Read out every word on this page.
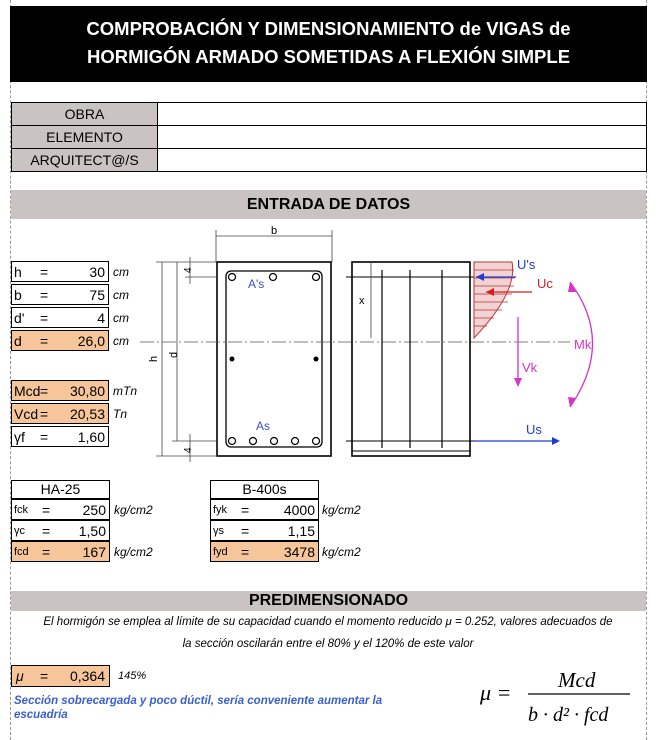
COMPROBACIÓN Y DIMENSIONAMIENTO de VIGAS de
HORMIGÓN ARMADO SOMETIDAS A FLEXIÓN SIMPLE
OBRA	
ELEMENTO	
ARQUITECT@/S	
ENTRADA DE DATOS
h	=	30 cm
b	=	75 cm
d'	=	4 cm
d	=	26,0 cm
Mcd =	30,80 mTn
Vcd =	20,53 Tn
γf	=	1,60
b
A's
As
h
d
4
4
x
U's
Uc
Vk
Mk
Us
HA-25
fck =	250 kg/cm2
γc	=	1,50
fcd =	167 kg/cm2
B-400s
fyk =	4000 kg/cm2
γs	=	1,15
fyd =	3478 kg/cm2
PREDIMENSIONADO
El hormigón se emplea al límite de su capacidad cuando el momento reducido μ = 0.252, valores adecuados de
la sección oscilarán entre el 80% y el 120% de este valor
μ	=	0,364	145%
Sección sobrecargada y poco dúctil, sería conveniente aumentar la escuadría
μ = Mcd
b · d² · fcd
